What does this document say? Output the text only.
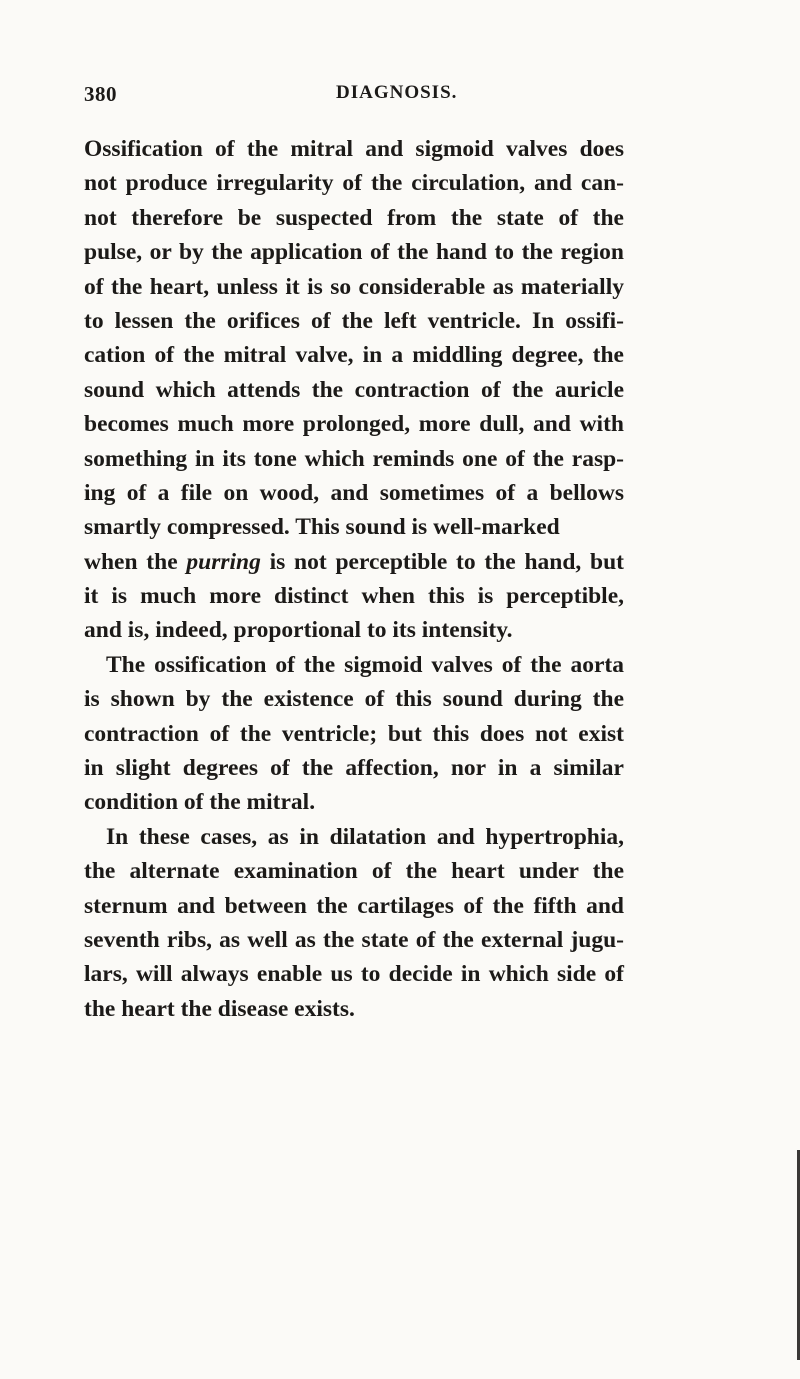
380	DIAGNOSIS.
Ossification of the mitral and sigmoid valves does
not produce irregularity of the circulation, and can-
not therefore be suspected from the state of the
pulse, or by the application of the hand to the region
of the heart, unless it is so considerable as materially
to lessen the orifices of the left ventricle. In ossifi-
cation of the mitral valve, in a middling degree, the
sound which attends the contraction of the auricle
becomes much more prolonged, more dull, and with
something in its tone which reminds one of the rasp-
ing of a file on wood, and sometimes of a bellows
smartly compressed. This sound is well-marked
when the purring is not perceptible to the hand, but
it is much more distinct when this is perceptible,
and is, indeed, proportional to its intensity.
The ossification of the sigmoid valves of the aorta
is shown by the existence of this sound during the
contraction of the ventricle; but this does not exist
in slight degrees of the affection, nor in a similar
condition of the mitral.
In these cases, as in dilatation and hypertrophia,
the alternate examination of the heart under the
sternum and between the cartilages of the fifth and
seventh ribs, as well as the state of the external jugu-
lars, will always enable us to decide in which side of
the heart the disease exists.
